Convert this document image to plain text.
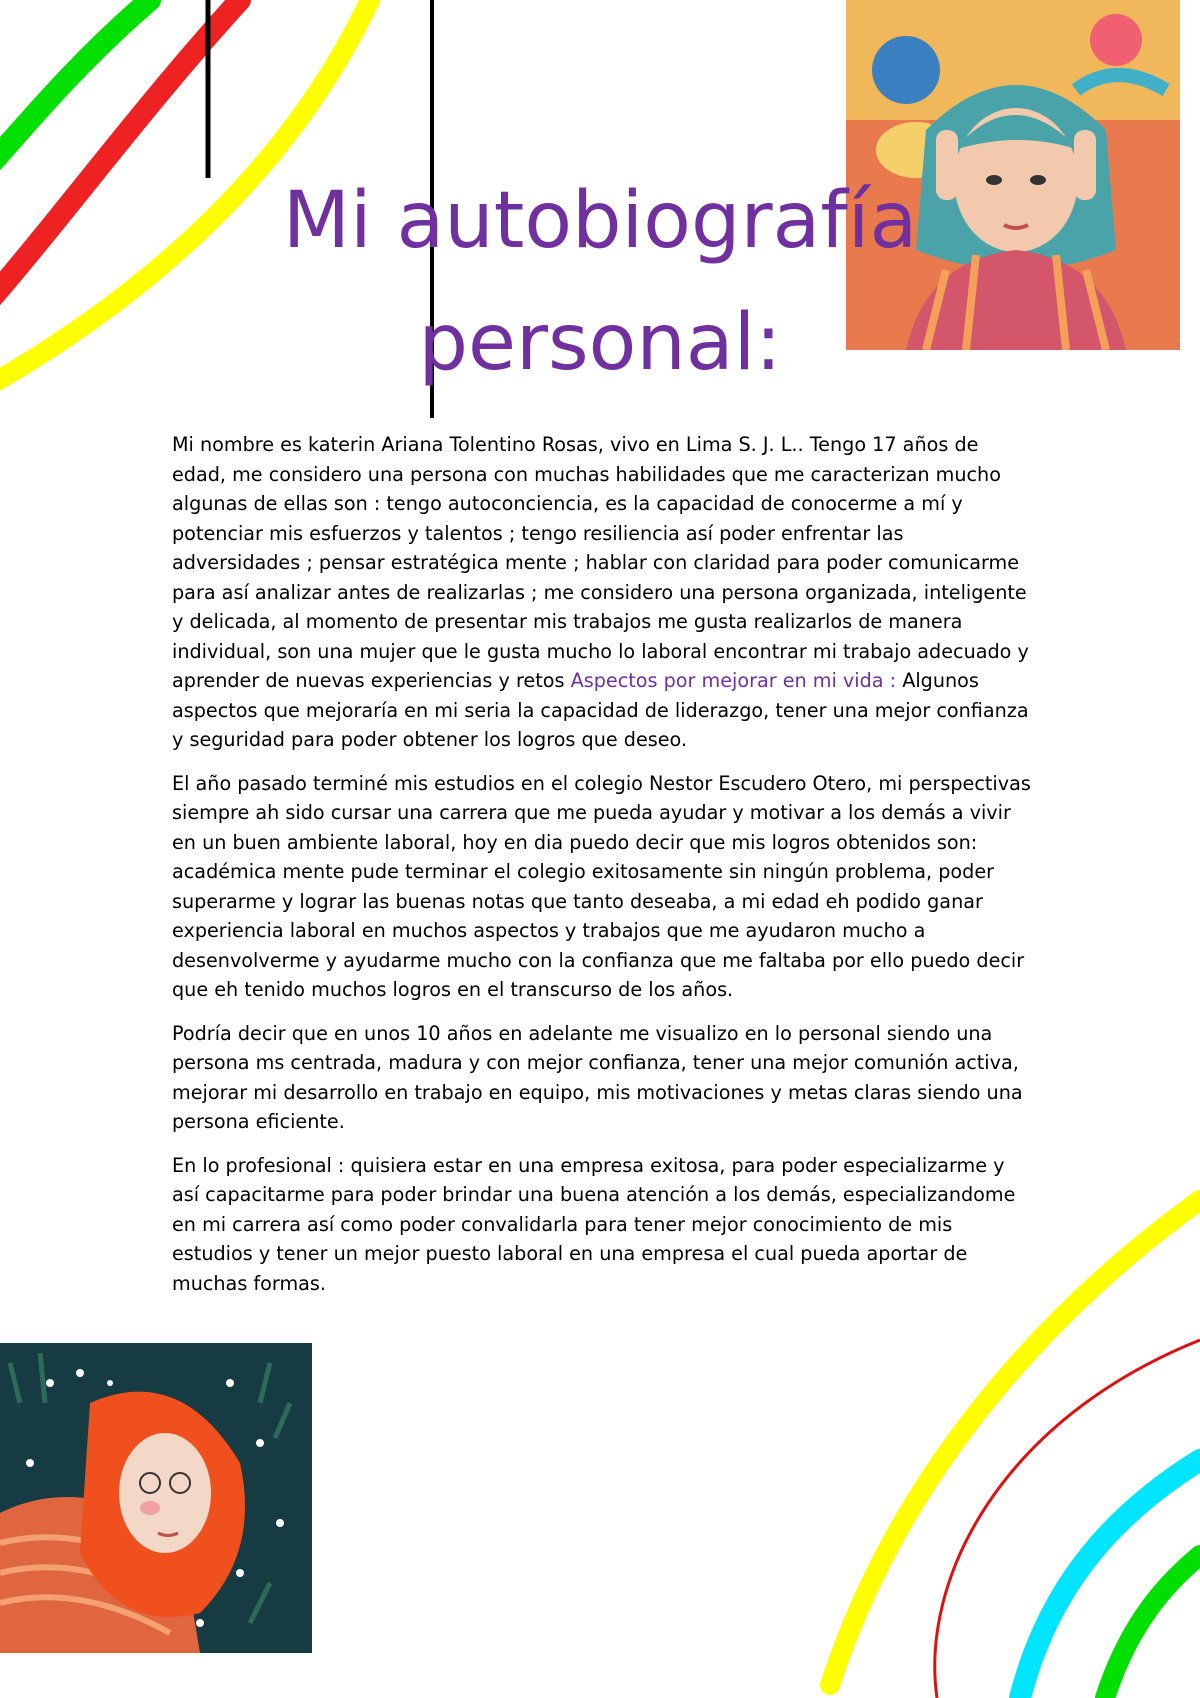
Mi autobiografía
personal:

Mi nombre es katerin Ariana Tolentino Rosas, vivo en Lima S. J. L.. Tengo 17 años de edad, me considero una persona con muchas habilidades que me caracterizan mucho algunas de ellas son : tengo autoconciencia, es la capacidad de conocerme a mí y potenciar mis esfuerzos y talentos ; tengo resiliencia así poder enfrentar las adversidades ; pensar estratégica mente ; hablar con claridad para poder comunicarme para así analizar antes de realizarlas ; me considero una persona organizada, inteligente y delicada, al momento de presentar mis trabajos me gusta realizarlos de manera individual, son una mujer que le gusta mucho lo laboral encontrar mi trabajo adecuado y aprender de nuevas experiencias y retos Aspectos por mejorar en mi vida : Algunos aspectos que mejoraría en mi seria la capacidad de liderazgo, tener una mejor confianza y seguridad para poder obtener los logros que deseo.

El año pasado terminé mis estudios en el colegio Nestor Escudero Otero, mi perspectivas siempre ah sido cursar una carrera que me pueda ayudar y motivar a los demás a vivir en un buen ambiente laboral, hoy en dia puedo decir que mis logros obtenidos son: académica mente pude terminar el colegio exitosamente sin ningún problema, poder superarme y lograr las buenas notas que tanto deseaba, a mi edad eh podido ganar experiencia laboral en muchos aspectos y trabajos que me ayudaron mucho a desenvolverme y ayudarme mucho con la confianza que me faltaba por ello puedo decir que eh tenido muchos logros en el transcurso de los años.

Podría decir que en unos 10 años en adelante me visualizo en lo personal siendo una persona ms centrada, madura y con mejor confianza, tener una mejor comunión activa, mejorar mi desarrollo en trabajo en equipo, mis motivaciones y metas claras siendo una persona eficiente.

En lo profesional : quisiera estar en una empresa exitosa, para poder especializarme y así capacitarme para poder brindar una buena atención a los demás, especializandome en mi carrera así como poder convalidarla para tener mejor conocimiento de mis estudios y tener un mejor puesto laboral en una empresa el cual pueda aportar de muchas formas.
